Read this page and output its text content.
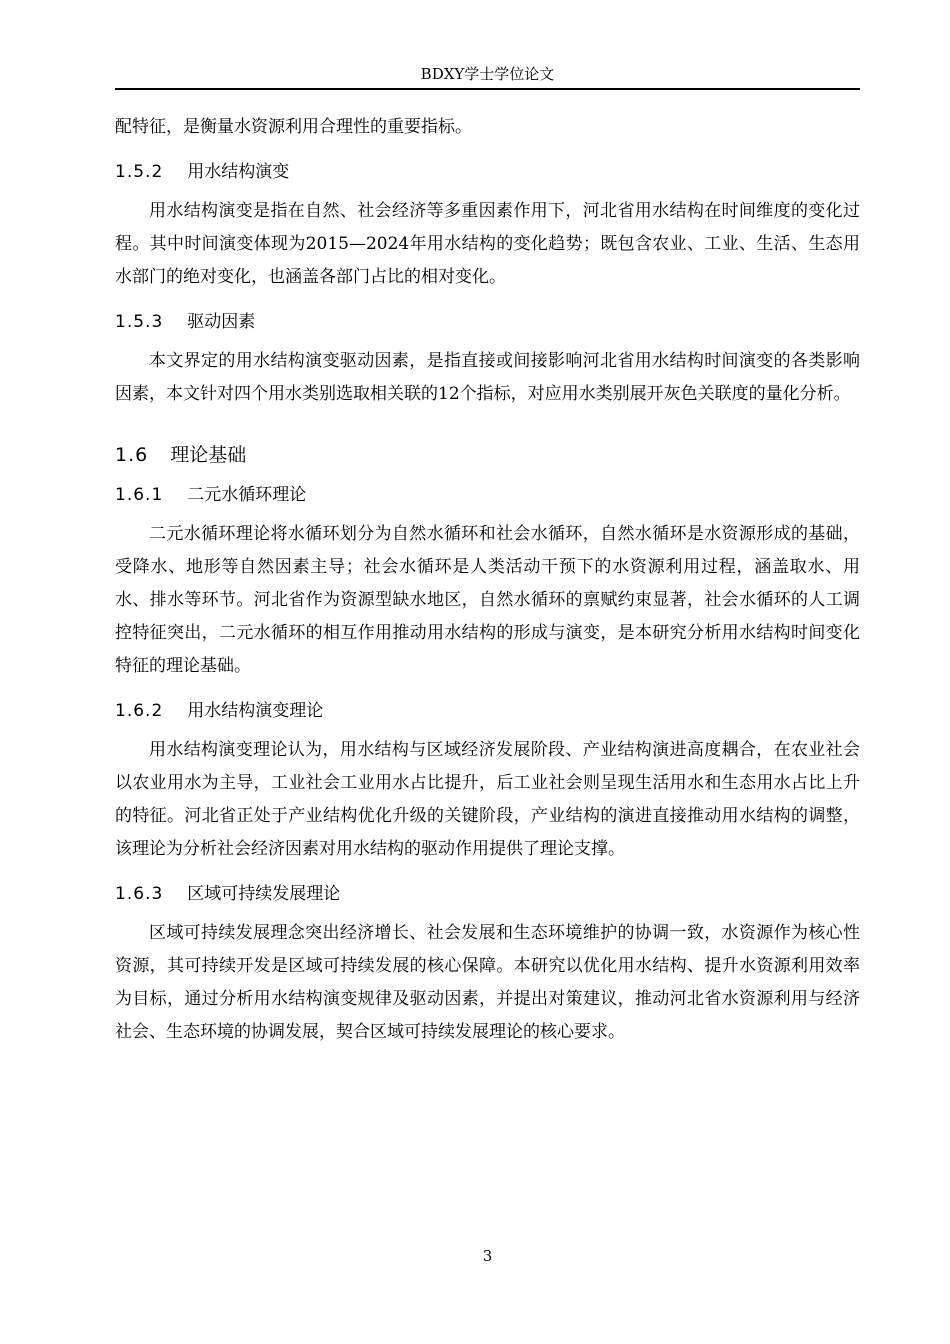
BDXY学士学位论文

配特征，是衡量水资源利用合理性的重要指标。

1.5.2 用水结构演变

用水结构演变是指在自然、社会经济等多重因素作用下，河北省用水结构在时间维度的变化过程。其中时间演变体现为2015—2024年用水结构的变化趋势；既包含农业、工业、生活、生态用水部门的绝对变化，也涵盖各部门占比的相对变化。

1.5.3 驱动因素

本文界定的用水结构演变驱动因素，是指直接或间接影响河北省用水结构时间演变的各类影响因素，本文针对四个用水类别选取相关联的12个指标，对应用水类别展开灰色关联度的量化分析。

1.6 理论基础
1.6.1 二元水循环理论

二元水循环理论将水循环划分为自然水循环和社会水循环，自然水循环是水资源形成的基础，受降水、地形等自然因素主导；社会水循环是人类活动干预下的水资源利用过程，涵盖取水、用水、排水等环节。河北省作为资源型缺水地区，自然水循环的禀赋约束显著，社会水循环的人工调控特征突出，二元水循环的相互作用推动用水结构的形成与演变，是本研究分析用水结构时间变化特征的理论基础。

1.6.2 用水结构演变理论

用水结构演变理论认为，用水结构与区域经济发展阶段、产业结构演进高度耦合，在农业社会以农业用水为主导，工业社会工业用水占比提升，后工业社会则呈现生活用水和生态用水占比上升的特征。河北省正处于产业结构优化升级的关键阶段，产业结构的演进直接推动用水结构的调整，该理论为分析社会经济因素对用水结构的驱动作用提供了理论支撑。

1.6.3 区域可持续发展理论

区域可持续发展理念突出经济增长、社会发展和生态环境维护的协调一致，水资源作为核心性资源，其可持续开发是区域可持续发展的核心保障。本研究以优化用水结构、提升水资源利用效率为目标，通过分析用水结构演变规律及驱动因素，并提出对策建议，推动河北省水资源利用与经济社会、生态环境的协调发展，契合区域可持续发展理论的核心要求。

3
